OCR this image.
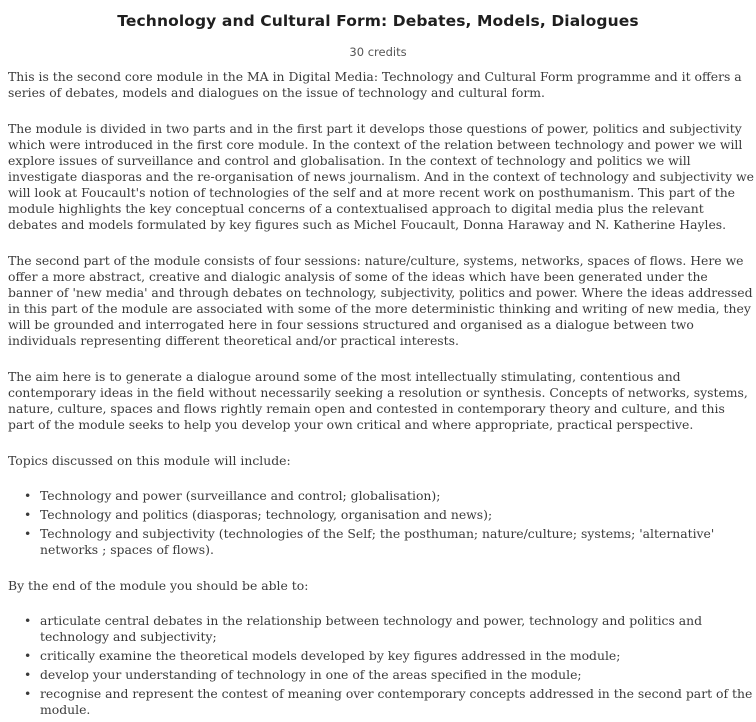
Technology and Cultural Form: Debates, Models, Dialogues
30 credits

This is the second core module in the MA in Digital Media: Technology and Cultural Form programme and it offers a series of debates, models and dialogues on the issue of technology and cultural form.

The module is divided in two parts and in the first part it develops those questions of power, politics and subjectivity which were introduced in the first core module. In the context of the relation between technology and power we will explore issues of surveillance and control and globalisation. In the context of technology and politics we will investigate diasporas and the re-organisation of news journalism. And in the context of technology and subjectivity we will look at Foucault's notion of technologies of the self and at more recent work on posthumanism. This part of the module highlights the key conceptual concerns of a contextualised approach to digital media plus the relevant debates and models formulated by key figures such as Michel Foucault, Donna Haraway and N. Katherine Hayles.

The second part of the module consists of four sessions: nature/culture, systems, networks, spaces of flows. Here we offer a more abstract, creative and dialogic analysis of some of the ideas which have been generated under the banner of 'new media' and through debates on technology, subjectivity, politics and power. Where the ideas addressed in this part of the module are associated with some of the more deterministic thinking and writing of new media, they will be grounded and interrogated here in four sessions structured and organised as a dialogue between two individuals representing different theoretical and/or practical interests.

The aim here is to generate a dialogue around some of the most intellectually stimulating, contentious and contemporary ideas in the field without necessarily seeking a resolution or synthesis. Concepts of networks, systems, nature, culture, spaces and flows rightly remain open and contested in contemporary theory and culture, and this part of the module seeks to help you develop your own critical and where appropriate, practical perspective.

Topics discussed on this module will include:

• Technology and power (surveillance and control; globalisation);
• Technology and politics (diasporas; technology, organisation and news);
• Technology and subjectivity (technologies of the Self; the posthuman; nature/culture; systems; 'alternative' networks ; spaces of flows).

By the end of the module you should be able to:

• articulate central debates in the relationship between technology and power, technology and politics and technology and subjectivity;
• critically examine the theoretical models developed by key figures addressed in the module;
• develop your understanding of technology in one of the areas specified in the module;
• recognise and represent the contest of meaning over contemporary concepts addressed in the second part of the module.
